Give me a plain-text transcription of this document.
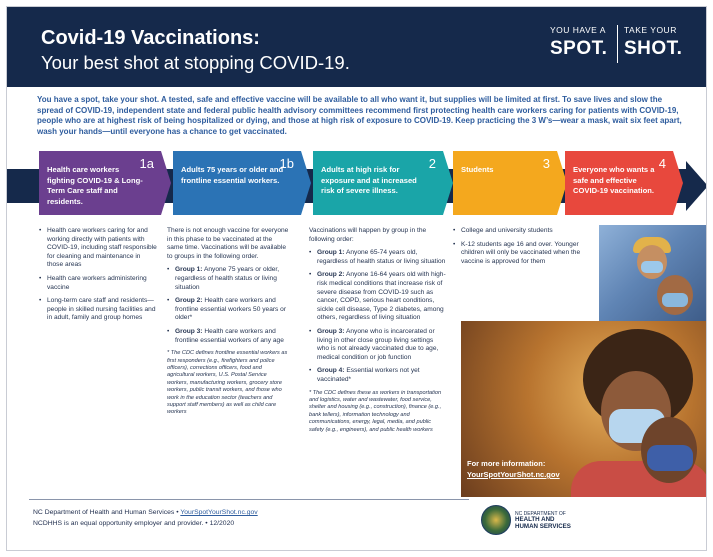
Covid-19 Vaccinations:
Your best shot at stopping COVID-19.
YOU HAVE A
SPOT.
TAKE YOUR
SHOT.
You have a spot, take your shot. A tested, safe and effective vaccine will be available to all who want it, but supplies will be limited at first. To save lives and slow the spread of COVID-19, independent state and federal public health advisory committees recommend first protecting health care workers caring for patients with COVID-19, people who are at highest risk of being hospitalized or dying, and those at high risk of exposure to COVID-19. Keep practicing the 3 W’s—wear a mask, wait six feet apart, wash your hands—until everyone has a chance to get vaccinated.
1a
Health care workers fighting COVID-19 & Long-Term Care staff and residents.
1b
Adults 75 years or older and frontline essential workers.
2
Adults at high risk for exposure and at increased risk of severe illness.
3
Students	4
Everyone who wants a safe and effective COVID-19 vaccination.
• Health care workers caring for and working directly with patients with COVID-19, including staff responsible for cleaning and maintenance in those areas
• Health care workers administering vaccine
• Long-term care staff and residents—people in skilled nursing facilities and in adult, family and group homes

There is not enough vaccine for everyone in this phase to be vaccinated at the same time. Vaccinations will be available to groups in the following order.

• Group 1: Anyone 75 years or older, regardless of health status or living situation
• Group 2: Health care workers and frontline essential workers 50 years or older*
• Group 3: Health care workers and frontline essential workers of any age
* The CDC defines frontline essential workers as first responders (e.g., firefighters and police officers), corrections officers, food and agricultural workers, U.S. Postal Service workers, manufacturing workers, grocery store workers, public transit workers, and those who work in the education sector (teachers and support staff members) as well as child care workers

Vaccinations will happen by group in the following order:

• Group 1: Anyone 65-74 years old, regardless of health status or living situation
• Group 2: Anyone 16-64 years old with high-risk medical conditions that increase risk of severe disease from COVID-19 such as cancer, COPD, serious heart conditions, sickle cell disease, Type 2 diabetes, among others, regardless of living situation
• Group 3: Anyone who is incarcerated or living in other close group living settings who is not already vaccinated due to age, medical condition or job function
• Group 4: Essential workers not yet vaccinated*
* The CDC defines these as workers in transportation and logistics, water and wastewater, food service, shelter and housing (e.g., construction), finance (e.g., bank tellers), information technology and communications, energy, legal, media, and public safety (e.g., engineers), and public health workers
• College and university students
• K-12 students age 16 and over. Younger children will only be vaccinated when the vaccine is approved for them
For more information:
YourSpotYourShot.nc.gov
NC Department of Health and Human Services • YourSpotYourShot.nc.gov
NCDHHS is an equal opportunity employer and provider. • 12/2020
NC DEPARTMENT OF
HEALTH AND
HUMAN SERVICES
